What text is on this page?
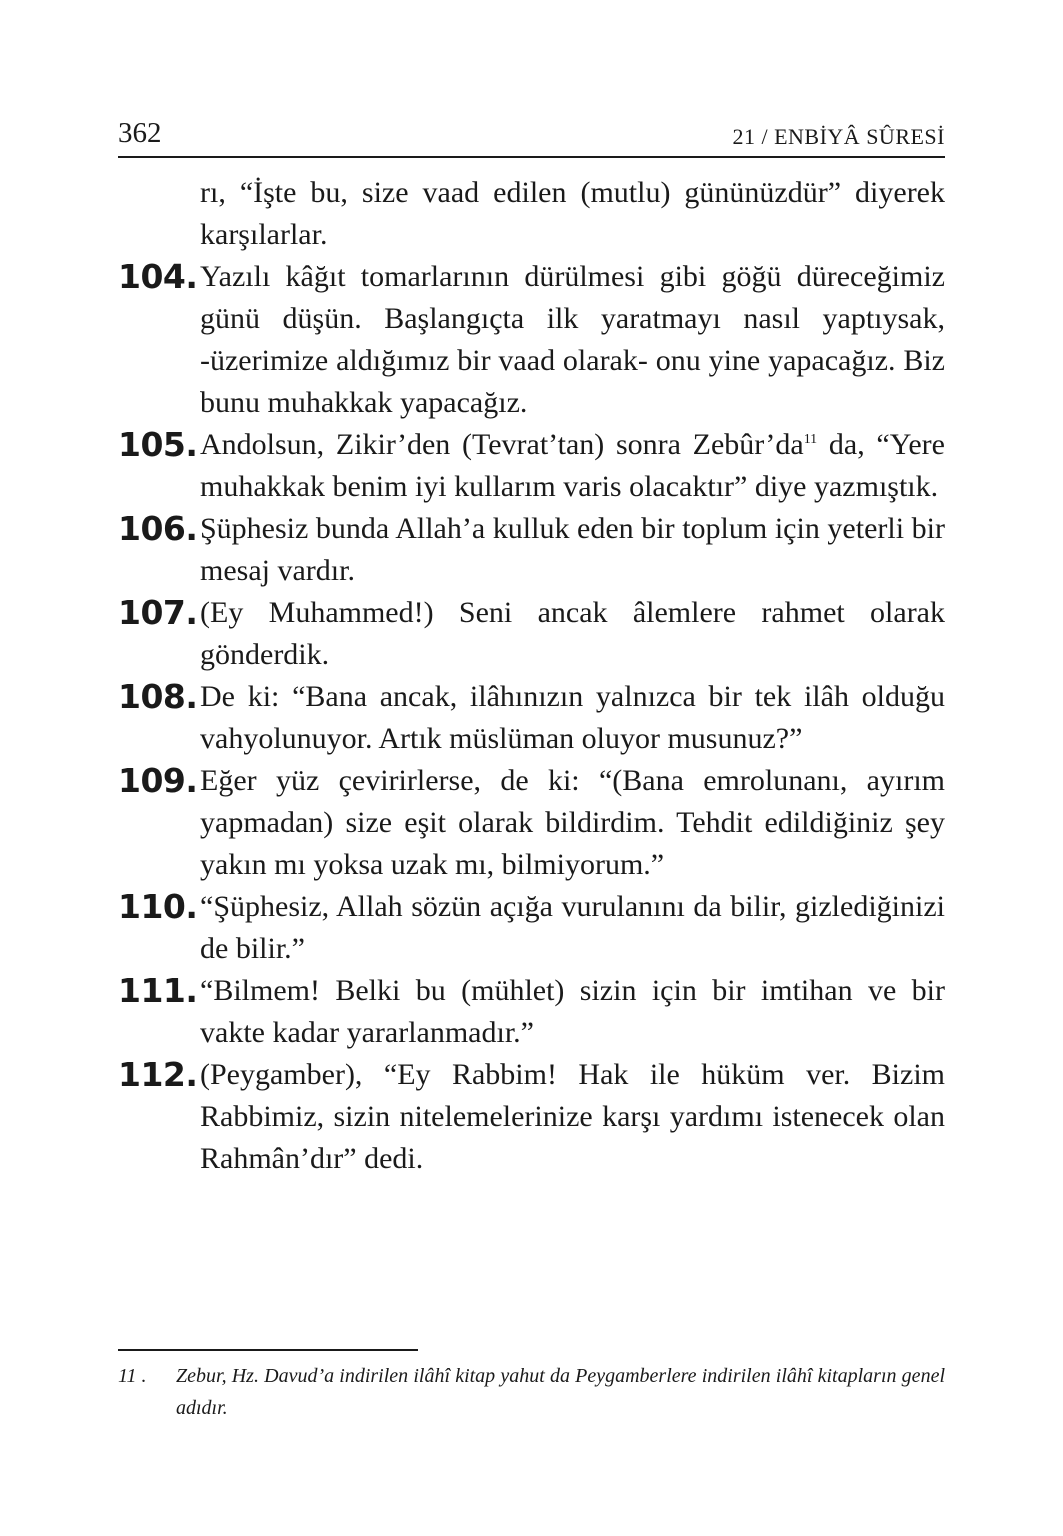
362	21 / ENBİYÂ SÛRESİ
rı, “İşte bu, size vaad edilen (mutlu) gününüzdür” diyerek karşılarlar.
104. Yazılı kâğıt tomarlarının dürülmesi gibi göğü düreceğimiz günü düşün. Başlangıçta ilk yaratmayı nasıl yaptıysak, -üzerimize aldığımız bir vaad olarak- onu yine yapacağız. Biz bunu muhakkak yapacağız.
105. Andolsun, Zikir’den (Tevrat’tan) sonra Zebûr’da$^{11}$ da, “Yere muhakkak benim iyi kullarım varis olacaktır” diye yazmıştık.
106. Şüphesiz bunda Allah’a kulluk eden bir toplum için yeterli bir mesaj vardır.
107. (Ey Muhammed!) Seni ancak âlemlere rahmet olarak gönderdik.
108. De ki: “Bana ancak, ilâhınızın yalnızca bir tek ilâh olduğu vahyolunuyor. Artık müslüman oluyor musunuz?”
109. Eğer yüz çevirirlerse, de ki: “(Bana emrolunanı, ayırım yapmadan) size eşit olarak bildirdim. Tehdit edildiğiniz şey yakın mı yoksa uzak mı, bilmiyorum.”
110. “Şüphesiz, Allah sözün açığa vurulanını da bilir, gizlediğinizi de bilir.”
111. “Bilmem! Belki bu (mühlet) sizin için bir imtihan ve bir vakte kadar yararlanmadır.”
112. (Peygamber), “Ey Rabbim! Hak ile hüküm ver. Bizim Rabbimiz, sizin nitelemelerinize karşı yardımı istenecek olan Rahmân’dır” dedi.
11 . Zebur, Hz. Davud’a indirilen ilâhî kitap yahut da Peygamberlere indirilen ilâhî kitapların genel adıdır.
